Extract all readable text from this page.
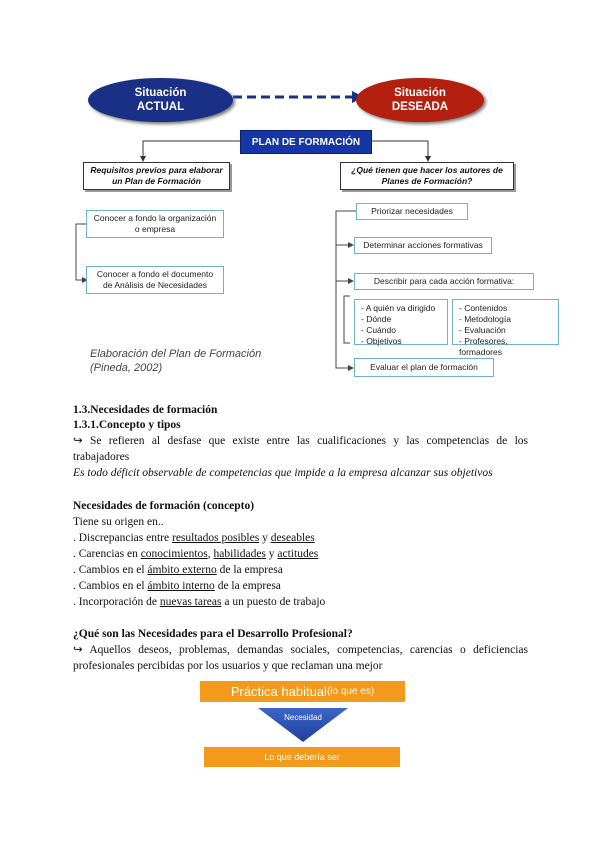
Situación
ACTUAL
Situación
DESEADA
PLAN DE FORMACIÓN
Requisitos previos para elaborar
un Plan de Formación
¿Qué tienen que hacer los autores de
Planes de Formación?
Conocer a fondo la organización
o empresa
Conocer a fondo el documento
de Análisis de Necesidades
Priorizar necesidades
Determinar acciones formativas
Describir para cada acción formativa:
- A quién va dirigido
- Dónde
- Cuándo
- Objetivos
- Contenidos
- Metodología
- Evaluación
- Profesores, formadores
Evaluar el plan de formación
Elaboración del Plan de Formación
(Pineda, 2002)
1.3.Necesidades de formación
1.3.1.Concepto y tipos
↪ Se refieren al desfase que existe entre las cualificaciones y las competencias de los
trabajadores
Es todo déficit observable de competencias que impide a la empresa alcanzar sus objetivos
Necesidades de formación (concepto)
Tiene su origen en..
. Discrepancias entre resultados posibles y deseables
. Carencias en conocimientos, habilidades y actitudes
. Cambios en el ámbito externo de la empresa
. Cambios en el ámbito interno de la empresa
. Incorporación de nuevas tareas a un puesto de trabajo
¿Qué son las Necesidades para el Desarrollo Profesional?
↪ Aquellos deseos, problemas, demandas sociales, competencias, carencias o deficiencias
profesionales percibidas por los usuarios y que reclaman una mejor
Práctica habitual (lo que es)
Necesidad
Lo que debería ser
